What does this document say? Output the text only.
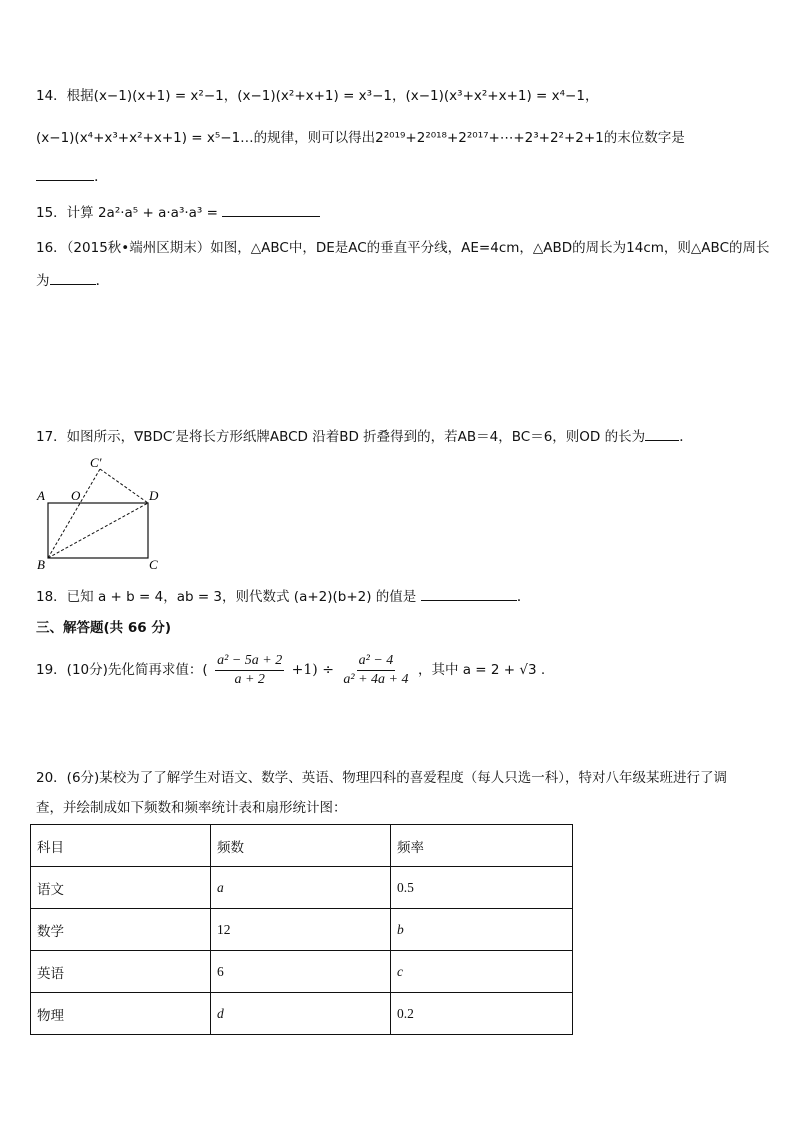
14．根据(x−1)(x+1) = x²−1，(x−1)(x²+x+1) = x³−1，(x−1)(x³+x²+x+1) = x⁴−1，
(x−1)(x⁴+x³+x²+x+1) = x⁵−1…的规律，则可以得出2²⁰¹⁹+2²⁰¹⁸+2²⁰¹⁷+⋯+2³+2²+2+1的末位数字是
.
15．计算 2a²·a⁵ + a·a³·a³ =
16．（2015秋•端州区期末）如图，△ABC中，DE是AC的垂直平分线，AE=4cm，△ABD的周长为14cm，则△ABC的周长
为	.
17．如图所示，∇BDC′是将长方形纸牌ABCD 沿着BD 折叠得到的，若AB＝4，BC＝6，则OD 的长为 .
C′
A O	D
B	C
18．已知 a + b = 4，ab = 3，则代数式 (a+2)(b+2) 的值是	.
三、解答题(共 66 分)
19．(10分)先化简再求值：( $\frac{\text{a² − 5a + 2}}{a + 2} +1) \div \frac{\text{a² − 4}}{\text{a² + 4a + 4}}$ ，其中 a = 2 + √3 .
20．(6分)某校为了了解学生对语文、数学、英语、物理四科的喜爱程度（每人只选一科），特对八年级某班进行了调
查，并绘制成如下频数和频率统计表和扇形统计图：
科目	频数	频率
语文	a	0.5
数学	12	b
英语	6	c
物理	d	0.2
